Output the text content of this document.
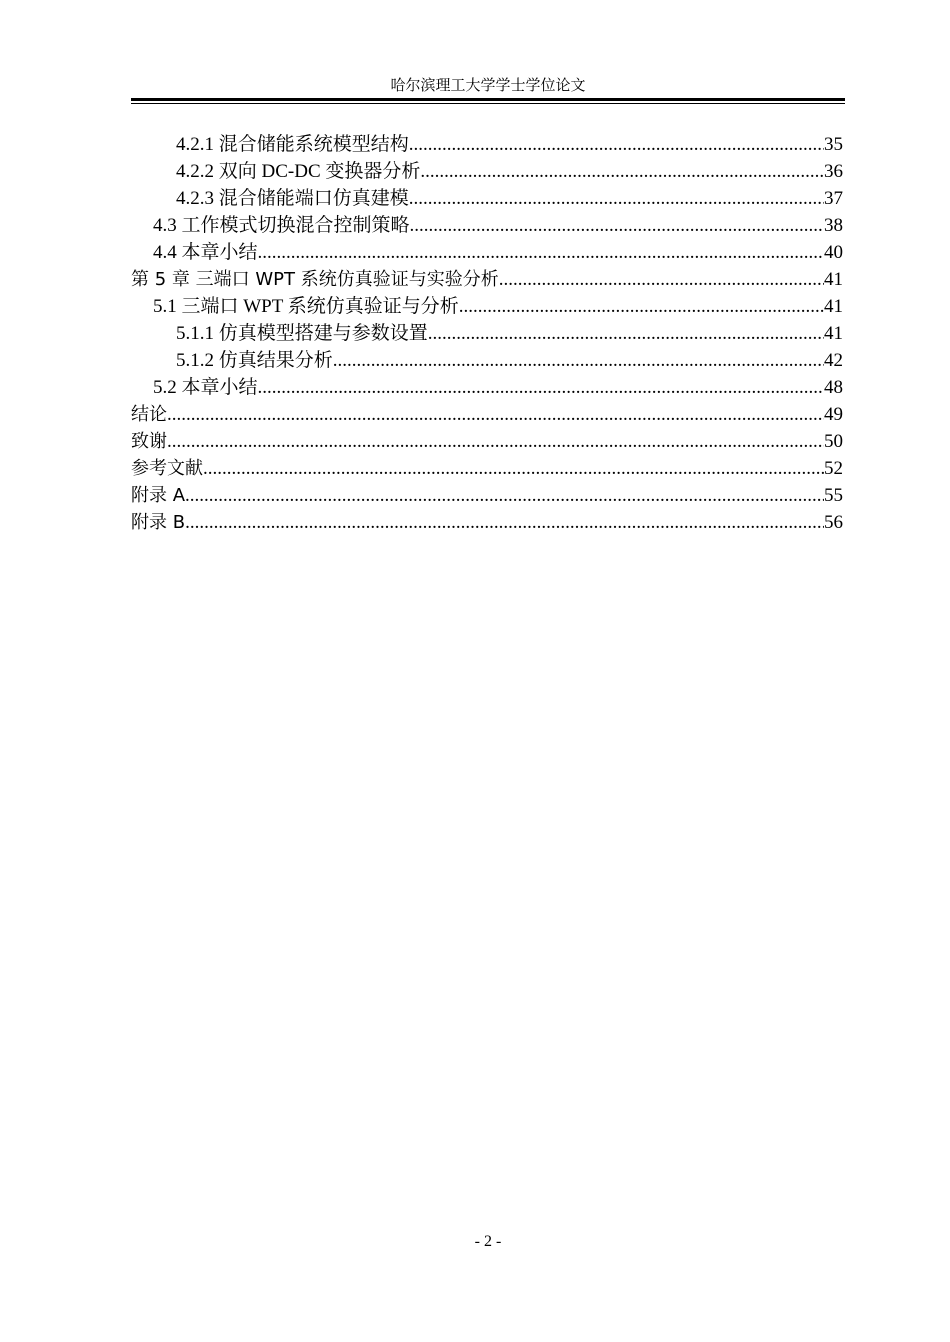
哈尔滨理工大学学士学位论文
4.2.1 混合储能系统模型结构 .....	35
4.2.2 双向 DC-DC 变换器分析 .....	36
4.2.3 混合储能端口仿真建模 .....	37
4.3 工作模式切换混合控制策略 .....	38
4.4 本章小结 .....	40
第 5 章 三端口 WPT 系统仿真验证与实验分析 .....	41
5.1 三端口 WPT 系统仿真验证与分析 .....	41
5.1.1 仿真模型搭建与参数设置 .....	41
5.1.2 仿真结果分析 .....	42
5.2 本章小结 .....	48
结论 .....	49
致谢 .....	50
参考文献 .....	52
附录 A .....	55
附录 B .....	56
- 2 -
